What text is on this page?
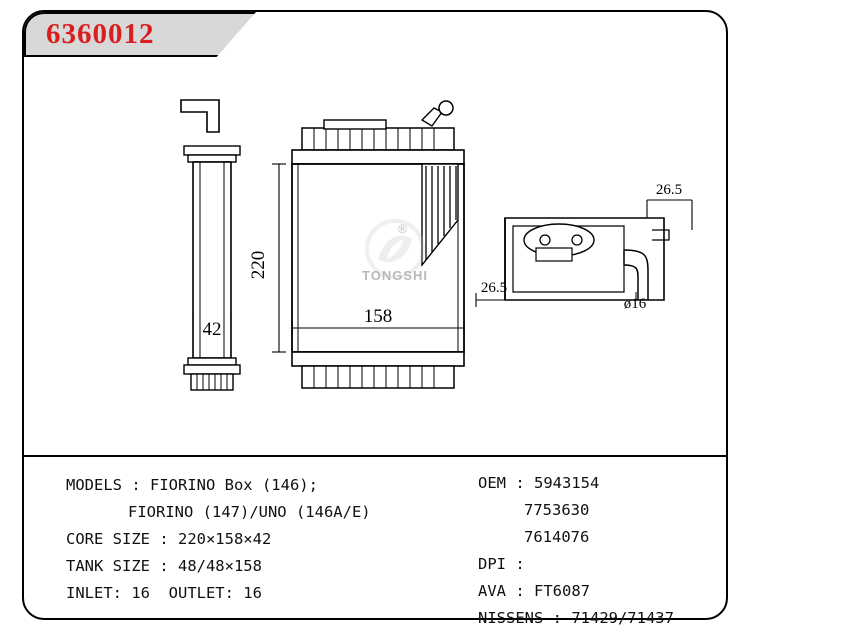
6360012
42
220
158
26.5
26.5
ø16
®
TONGSHI
MODELS : FIORINO Box (146);
FIORINO (147)/UNO (146A/E)
CORE SIZE : 220×158×42
TANK SIZE : 48/48×158
INLET: 16  OUTLET: 16
OEM : 5943154
7753630
7614076
DPI :
AVA : FT6087
NISSENS : 71429/71437
